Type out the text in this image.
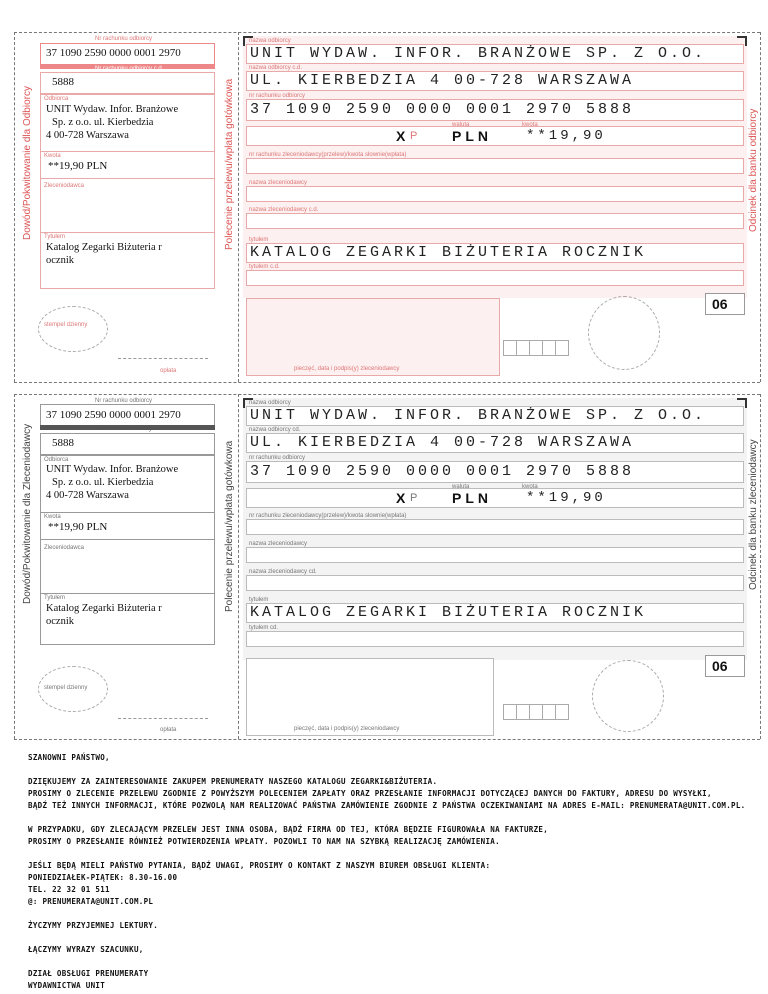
Dowód/Pokwitowanie dla Odbiorcy
Nr rachunku odbiorcy
37 1090 2590 0000 0001 2970
Nr rachunku odbiorcy c.d.
5888
Odbiorca
UNIT Wydaw. Infor. Branżowe
Sp. z o.o. ul. Kierbedzia
4 00-728 Warszawa
Kwota
**19,90 PLN
Zleceniodawca
Tytułem
Katalog Zegarki Biżuteria r
ocznik
stempel dzienny
opłata
Polecenie przelewu/wpłata gotówkowa	Odcinek dla banku odbiorcy
nazwa odbiorcy
UNIT WYDAW. INFOR. BRANŻOWE SP. Z O.O.
nazwa odbiorcy c.d.
UL. KIERBEDZIA 4 00-728 WARSZAWA
nr rachunku odbiorcy
37 1090 2590 0000 0001 2970 5888
X P
waluta
PLN
kwota
**19,90
nr rachunku zleceniodawcy(przelew)/kwota słownie(wpłata)
nazwa zleceniodawcy
nazwa zleceniodawcy c.d.
tytułem
KATALOG ZEGARKI BIŻUTERIA ROCZNIK
tytułem c.d.
06
pieczęć, data i podpis(y) zleceniodawcy
Dowód/Pokwitowanie dla Zleceniodawcy
Nr rachunku odbiorcy
37 1090 2590 0000 0001 2970
Nr rachunku odbiorcy c.d.
5888
Odbiorca
UNIT Wydaw. Infor. Branżowe
Sp. z o.o. ul. Kierbedzia
4 00-728 Warszawa
Kwota
**19,90 PLN
Zleceniodawca
Tytułem
Katalog Zegarki Biżuteria r
ocznik
stempel dzienny
opłata
Polecenie przelewu/wpłata gotówkowa	Odcinek dla banku zleceniodawcy
nazwa odbiorcy
UNIT WYDAW. INFOR. BRANŻOWE SP. Z O.O.
nazwa odbiorcy cd.
UL. KIERBEDZIA 4 00-728 WARSZAWA
nr rachunku odbiorcy
37 1090 2590 0000 0001 2970 5888
X P
waluta
PLN
kwota
**19,90
nr rachunku zleceniodawcy(przelew)/kwota słownie(wpłata)
nazwa zleceniodawcy
nazwa zleceniodawcy cd.
tytułem
KATALOG ZEGARKI BIŻUTERIA ROCZNIK
tytułem cd.
06
pieczęć, data i podpis(y) zleceniodawcy
SZANOWNI PAŃSTWO,
DZIĘKUJEMY ZA ZAINTERESOWANIE ZAKUPEM PRENUMERATY NASZEGO KATALOGU ZEGARKI&BIŻUTERIA.
PROSIMY O ZLECENIE PRZELEWU ZGODNIE Z POWYŻSZYM POLECENIEM ZAPŁATY ORAZ PRZESŁANIE INFORMACJI DOTYCZĄCEJ DANYCH DO FAKTURY, ADRESU DO WYSYŁKI,
BĄDŹ TEŻ INNYCH INFORMACJI, KTÓRE POZWOLĄ NAM REALIZOWAĆ PAŃSTWA ZAMÓWIENIE ZGODNIE Z PAŃSTWA OCZEKIWANIAMI NA ADRES E-MAIL: PRENUMERATA@UNIT.COM.PL.
W PRZYPADKU, GDY ZLECAJĄCYM PRZELEW JEST INNA OSOBA, BĄDŹ FIRMA OD TEJ, KTÓRA BĘDZIE FIGUROWAŁA NA FAKTURZE,
PROSIMY O PRZESŁANIE RÓWNIEŻ POTWIERDZENIA WPŁATY. POZOWLI TO NAM NA SZYBKĄ REALIZACJĘ ZAMÓWIENIA.
JEŚLI BĘDĄ MIELI PAŃSTWO PYTANIA, BĄDŹ UWAGI, PROSIMY O KONTAKT Z NASZYM BIUREM OBSŁUGI KLIENTA:
PONIEDZIAŁEK-PIĄTEK: 8.30-16.00
TEL. 22 32 01 511
@: PRENUMERATA@UNIT.COM.PL
ŻYCZYMY PRZYJEMNEJ LEKTURY.
ŁĄCZYMY WYRAZY SZACUNKU,
DZIAŁ OBSŁUGI PRENUMERATY
WYDAWNICTWA UNIT
